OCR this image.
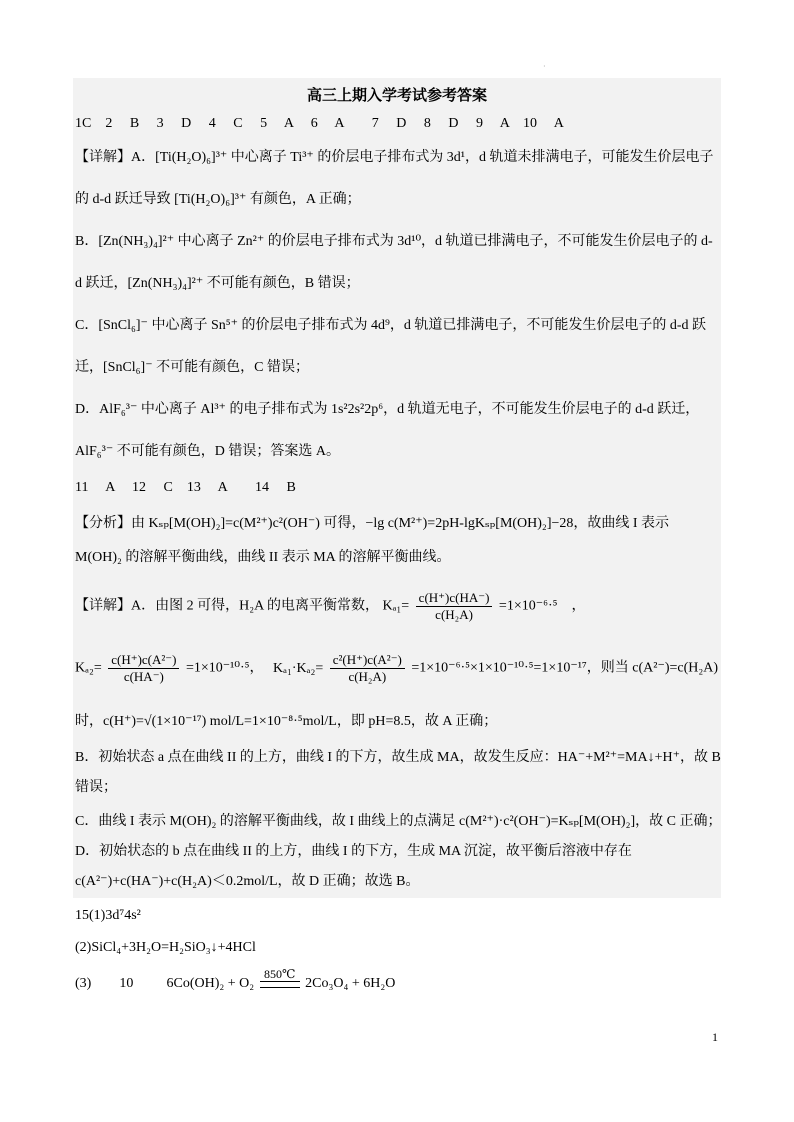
·
高三上期入学考试参考答案
1C　2　 B　 3　 D　 4　 C　 5　 A　 6　 A　　7　 D　 8　 D　 9　 A　10　 A
【详解】A．[Ti(H₂O)₆]³⁺ 中心离子 Ti³⁺ 的价层电子排布式为 3d¹，d 轨道未排满电子，可能发生价层电子
的 d-d 跃迁导致 [Ti(H₂O)₆]³⁺ 有颜色，A 正确；
B．[Zn(NH₃)₄]²⁺ 中心离子 Zn²⁺ 的价层电子排布式为 3d¹⁰，d 轨道已排满电子，不可能发生价层电子的 d-
d 跃迁，[Zn(NH₃)₄]²⁺ 不可能有颜色，B 错误；
C．[SnCl₆]⁻ 中心离子 Sn⁵⁺ 的价层电子排布式为 4d⁹，d 轨道已排满电子，不可能发生价层电子的 d-d 跃
迁，[SnCl₆]⁻ 不可能有颜色，C 错误；
D．AlF₆³⁻ 中心离子 Al³⁺ 的电子排布式为 1s²2s²2p⁶，d 轨道无电子，不可能发生价层电子的 d-d 跃迁，
AlF₆³⁻ 不可能有颜色，D 错误；答案选 A。
11　 A　 12　 C　13　 A　　14　 B
【分析】由 Kₛₚ[M(OH)₂]=c(M²⁺)c²(OH⁻) 可得，−lg c(M²⁺)=2pH-lgKₛₚ[M(OH)₂]−28，故曲线 I 表示
M(OH)₂ 的溶解平衡曲线，曲线 II 表示 MA 的溶解平衡曲线。
【详解】A．由图 2 可得，H₂A 的电离平衡常数， $K_{a1}= \frac{c(H^+)c(HA^-)}{\text{c(H₂A)}} =1\times 10^{-6}\cdot^5$　，
$K_{a2}= \frac{\text{c(H⁺)c(A²⁻)}}{c(HA^-)} =1\times 10^{-10}\cdot^5$， $K_{a1}\cdot K_{a2}= \frac{\text{c²(H⁺)c(A²⁻)}}{\text{c(H₂A)}} =1\times 10^{-6}\cdot^5\times 1\times 10^{-10}\cdot^5=1\times 10^{-17}$，则当 c(A²⁻)=c(H₂A)
时，c(H⁺)=√(1×10⁻¹⁷) mol/L=1×10⁻⁸·⁵mol/L，即 pH=8.5，故 A 正确；
B．初始状态 a 点在曲线 II 的上方，曲线 I 的下方，故生成 MA，故发生反应：HA⁻+M²⁺=MA↓+H⁺，故 B
错误；
C．曲线 I 表示 M(OH)₂ 的溶解平衡曲线，故 I 曲线上的点满足 c(M²⁺)·c²(OH⁻)=Kₛₚ[M(OH)₂]，故 C 正确；
D．初始状态的 b 点在曲线 II 的上方，曲线 I 的下方，生成 MA 沉淀，故平衡后溶液中存在
c(A²⁻)+c(HA⁻)+c(H₂A)＜0.2mol/L，故 D 正确；故选 B。
15(1)3d⁷4s²
(2)SiCl₄+3H₂O=H₂SiO₃↓+4HCl
(3)　　10 6Co(OH)₂ + O₂
850℃
2Co₃O₄ + 6H₂O
1
